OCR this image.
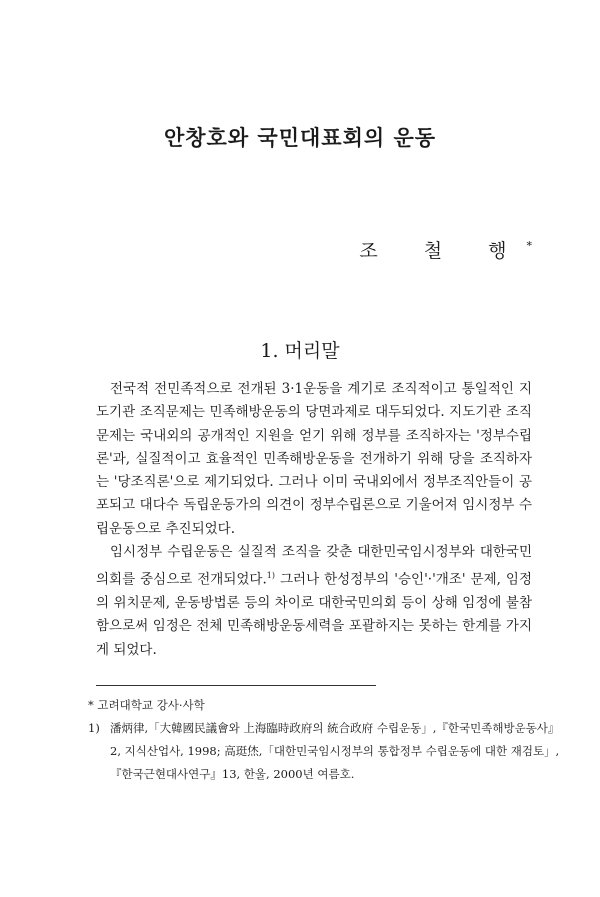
안창호와 국민대표회의 운동
조 철 행*
1. 머리말

전국적 전민족적으로 전개된 3·1운동을 계기로 조직적이고 통일적인 지도기관 조직문제는 민족해방운동의 당면과제로 대두되었다. 지도기관 조직문제는 국내외의 공개적인 지원을 얻기 위해 정부를 조직하자는 '정부수립론'과, 실질적이고 효율적인 민족해방운동을 전개하기 위해 당을 조직하자는 '당조직론'으로 제기되었다. 그러나 이미 국내외에서 정부조직안들이 공포되고 대다수 독립운동가의 의견이 정부수립론으로 기울어져 임시정부 수립운동으로 추진되었다.

임시정부 수립운동은 실질적 조직을 갖춘 대한민국임시정부와 대한국민의회를 중심으로 전개되었다.$^{1)}$ 그러나 한성정부의 '승인'·'개조' 문제, 임정의 위치문제, 운동방법론 등의 차이로 대한국민의회 등이 상해 임정에 불참함으로써 임정은 전체 민족해방운동세력을 포괄하지는 못하는 한계를 가지게 되었다.

* 고려대학교 강사·사학
1) 潘炳律,「大韓國民議會와 上海臨時政府의 統合政府 수립운동」,『한국민족해방운동사』
2, 지식산업사, 1998; 高珽烋,「대한민국임시정부의 통합정부 수립운동에 대한 재검토」,
『한국근현대사연구』13, 한울, 2000년 여름호.
